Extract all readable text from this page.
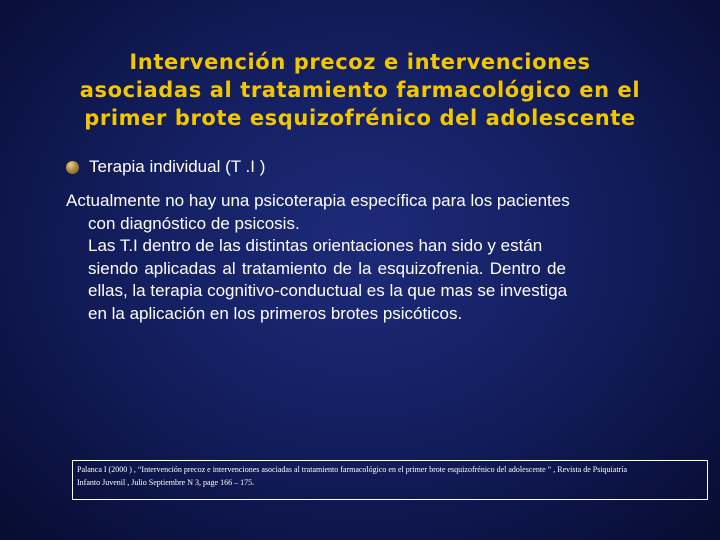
Intervención precoz e intervenciones
asociadas al tratamiento farmacológico en el
primer brote esquizofrénico del adolescente
Terapia individual (T .I )
Actualmente no hay una psicoterapia específica para los pacientes
con diagnóstico de psicosis.
Las T.I dentro de las distintas orientaciones han sido y están
siendo aplicadas al tratamiento de la esquizofrenia. Dentro de
ellas, la terapia cognitivo-conductual es la que mas se investiga
en la aplicación en los primeros brotes psicóticos.
Palanca I (2000 ) , “Intervención precoz e intervenciones asociadas al tratamiento farmacológico en el primer brote esquizofrénico del adolescente ” , Revista de Psiquiatría
Infanto Juvenil , Julio Septiembre N 3, page 166 – 175.
